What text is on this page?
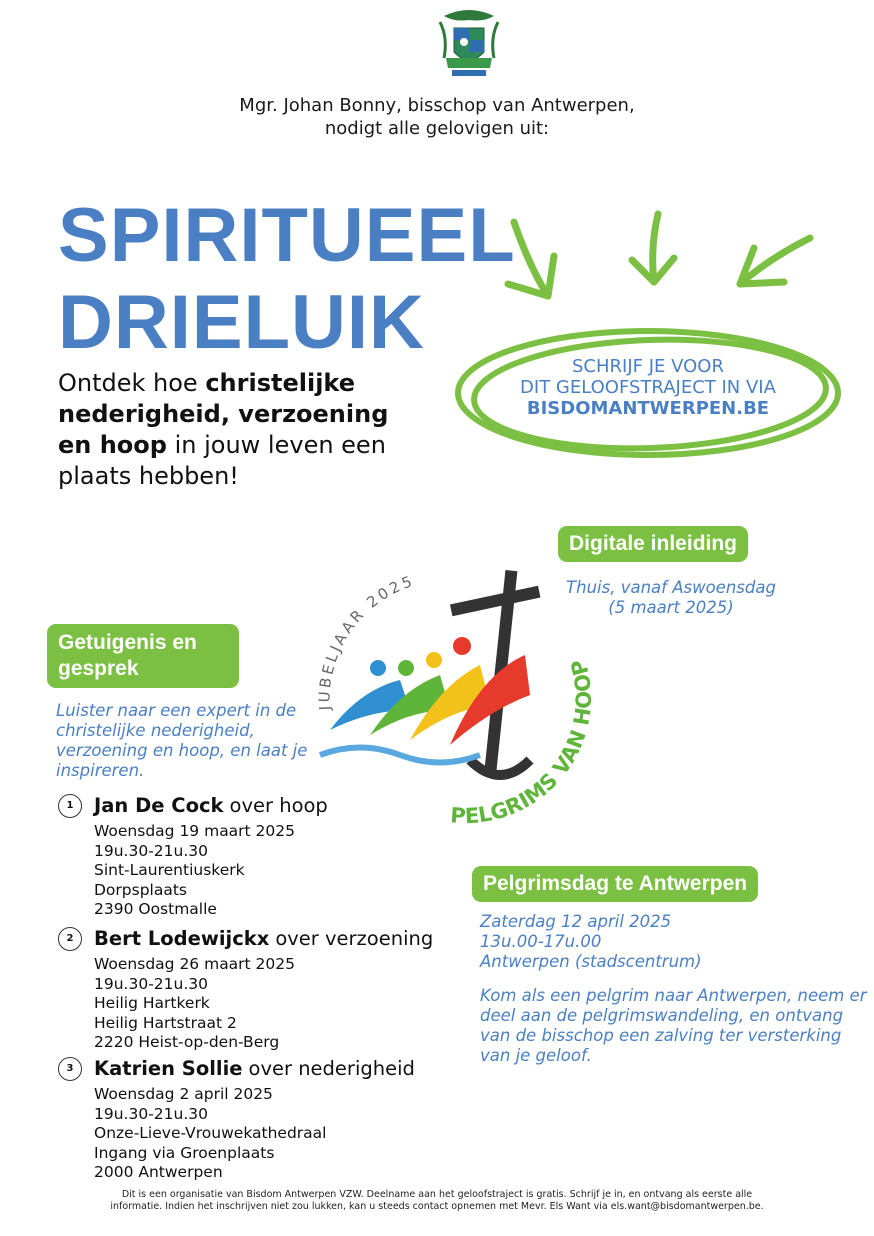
Mgr. Johan Bonny, bisschop van Antwerpen,
nodigt alle gelovigen uit:
SPIRITUEEL
DRIELUIK
Ontdek hoe christelijke nederigheid, verzoening en hoop in jouw leven een plaats hebben!
SCHRIJF JE VOOR
DIT GELOOFSTRAJECT IN VIA
BISDOMANTWERPEN.BE
JUBELJAAR 2025
PELGRIMS VAN HOOP
Digitale inleiding
Thuis, vanaf Aswoensdag
(5 maart 2025)
Getuigenis en gesprek
Luister naar een expert in de christelijke nederigheid, verzoening en hoop, en laat je inspireren.
1	Jan De Cock over hoop
Woensdag 19 maart 2025
19u.30-21u.30
Sint-Laurentiuskerk
Dorpsplaats
2390 Oostmalle
2	Bert Lodewijckx over verzoening
Woensdag 26 maart 2025
19u.30-21u.30
Heilig Hartkerk
Heilig Hartstraat 2
2220 Heist-op-den-Berg
3	Katrien Sollie over nederigheid
Woensdag 2 april 2025
19u.30-21u.30
Onze-Lieve-Vrouwekathedraal
Ingang via Groenplaats
2000 Antwerpen
Pelgrimsdag te Antwerpen
Zaterdag 12 april 2025
13u.00-17u.00
Antwerpen (stadscentrum)
Kom als een pelgrim naar Antwerpen, neem er deel aan de pelgrimswandeling, en ontvang van de bisschop een zalving ter versterking van je geloof.
Dit is een organisatie van Bisdom Antwerpen VZW. Deelname aan het geloofstraject is gratis. Schrijf je in, en ontvang als eerste alle informatie. Indien het inschrijven niet zou lukken, kan u steeds contact opnemen met Mevr. Els Want via els.want@bisdomantwerpen.be.
